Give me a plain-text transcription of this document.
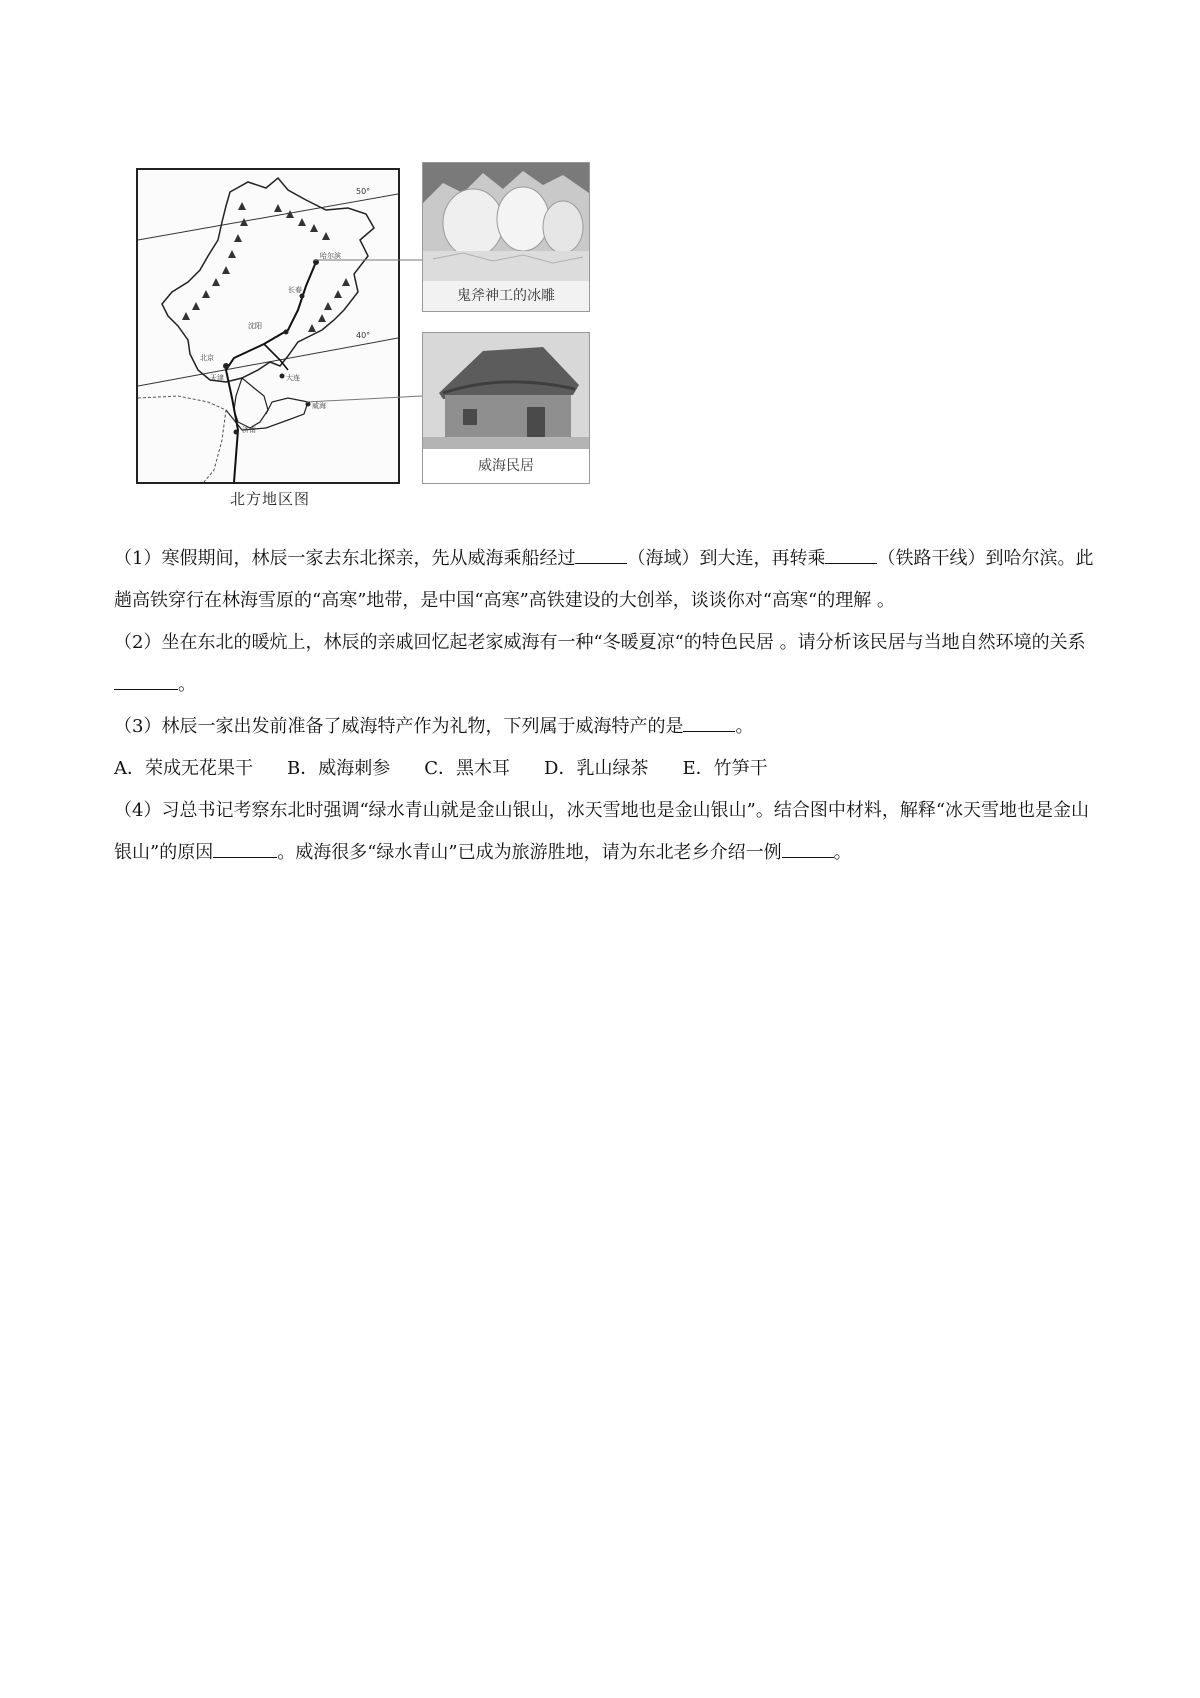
50°
40°
哈尔滨
长春
沈阳
大连
威海
北京
天津
济南
北方地区图
鬼斧神工的冰雕
威海民居

（1）寒假期间，林辰一家去东北探亲，先从威海乘船经过	（海域）到大连，再转乘	（铁路干线）到哈尔滨。此趟高铁穿行在林海雪原的“高寒”地带，是中国“高寒”高铁建设的大创举，谈谈你对“高寒“的理解 。

（2）坐在东北的暖炕上，林辰的亲戚回忆起老家威海有一种“冬暖夏凉“的特色民居 。请分析该民居与当地自然环境的关系。

（3）林辰一家出发前准备了威海特产作为礼物，下列属于威海特产的是	。

A．荣成无花果干 B．威海刺参 C．黑木耳 D．乳山绿茶 E．竹笋干

（4）习总书记考察东北时强调“绿水青山就是金山银山，冰天雪地也是金山银山”。结合图中材料，解释“冰天雪地也是金山银山”的原因	。威海很多“绿水青山”已成为旅游胜地，请为东北老乡介绍一例	。
